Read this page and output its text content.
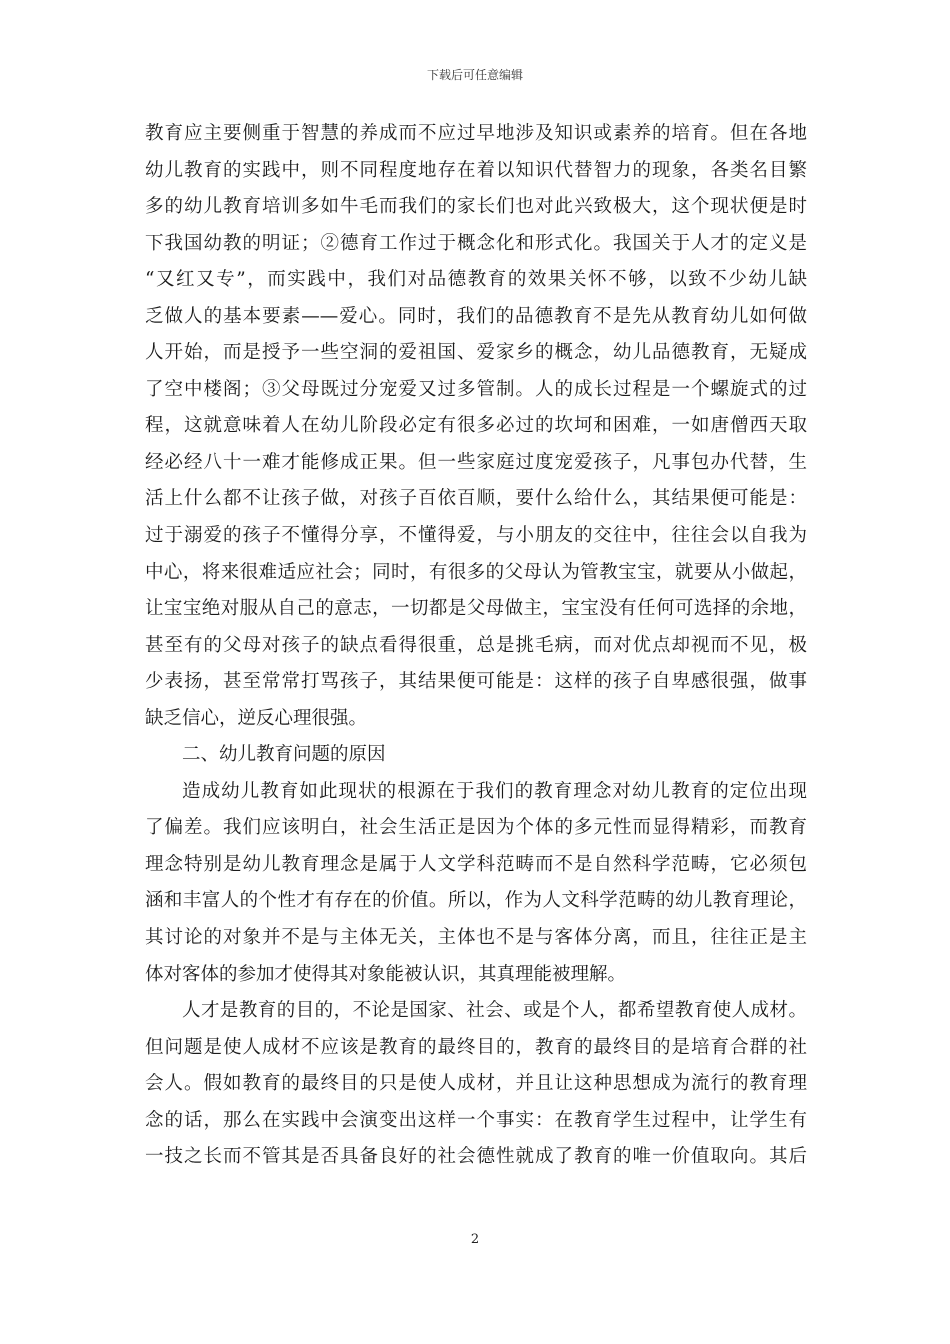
下载后可任意编辑
教育应主要侧重于智慧的养成而不应过早地涉及知识或素养的培育。但在各地
幼儿教育的实践中，则不同程度地存在着以知识代替智力的现象，各类名目繁
多的幼儿教育培训多如牛毛而我们的家长们也对此兴致极大，这个现状便是时
下我国幼教的明证；②德育工作过于概念化和形式化。我国关于人才的定义是
“又红又专”，而实践中，我们对品德教育的效果关怀不够，以致不少幼儿缺
乏做人的基本要素——爱心。同时，我们的品德教育不是先从教育幼儿如何做
人开始，而是授予一些空洞的爱祖国、爱家乡的概念，幼儿品德教育，无疑成
了空中楼阁；③父母既过分宠爱又过多管制。人的成长过程是一个螺旋式的过
程，这就意味着人在幼儿阶段必定有很多必过的坎坷和困难，一如唐僧西天取
经必经八十一难才能修成正果。但一些家庭过度宠爱孩子，凡事包办代替，生
活上什么都不让孩子做，对孩子百依百顺，要什么给什么，其结果便可能是：
过于溺爱的孩子不懂得分享，不懂得爱，与小朋友的交往中，往往会以自我为
中心，将来很难适应社会；同时，有很多的父母认为管教宝宝，就要从小做起，
让宝宝绝对服从自己的意志，一切都是父母做主，宝宝没有任何可选择的余地，
甚至有的父母对孩子的缺点看得很重，总是挑毛病，而对优点却视而不见，极
少表扬，甚至常常打骂孩子，其结果便可能是：这样的孩子自卑感很强，做事
缺乏信心，逆反心理很强。
二、幼儿教育问题的原因
造成幼儿教育如此现状的根源在于我们的教育理念对幼儿教育的定位出现
了偏差。我们应该明白，社会生活正是因为个体的多元性而显得精彩，而教育
理念特别是幼儿教育理念是属于人文学科范畴而不是自然科学范畴，它必须包
涵和丰富人的个性才有存在的价值。所以，作为人文科学范畴的幼儿教育理论，
其讨论的对象并不是与主体无关，主体也不是与客体分离，而且，往往正是主
体对客体的参加才使得其对象能被认识，其真理能被理解。
人才是教育的目的，不论是国家、社会、或是个人，都希望教育使人成材。
但问题是使人成材不应该是教育的最终目的，教育的最终目的是培育合群的社
会人。假如教育的最终目的只是使人成材，并且让这种思想成为流行的教育理
念的话，那么在实践中会演变出这样一个事实：在教育学生过程中，让学生有
一技之长而不管其是否具备良好的社会德性就成了教育的唯一价值取向。其后
2
